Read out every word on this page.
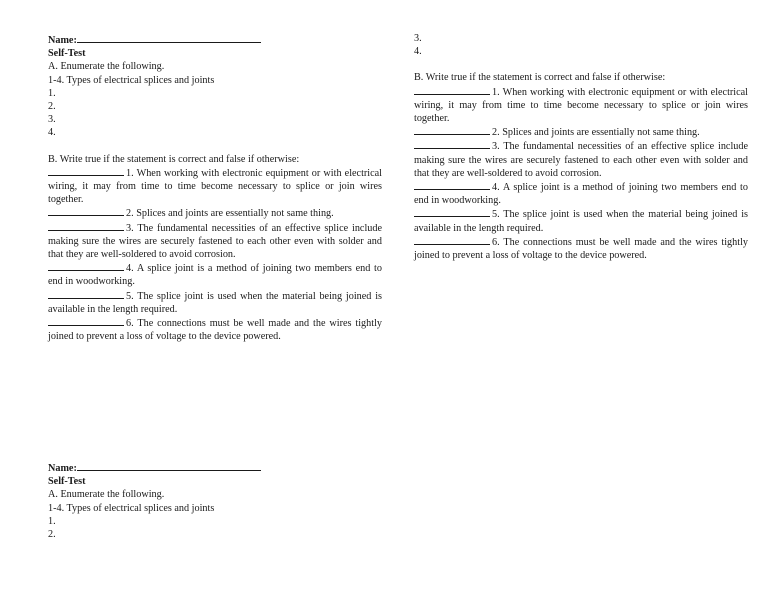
Name:
Self-Test
A. Enumerate the following.
1-4. Types of electrical splices and joints
1.
2.
3.
4.
B. Write true if the statement is correct and false if otherwise:
1. When working with electronic equipment or with electrical wiring, it may from time to time become necessary to splice or join wires together.
2. Splices and joints are essentially not same thing.
3. The fundamental necessities of an effective splice include making sure the wires are securely fastened to each other even with solder and that they are well-soldered to avoid corrosion.
4. A splice joint is a method of joining two members end to end in woodworking.
5. The splice joint is used when the material being joined is available in the length required.
6. The connections must be well made and the wires tightly joined to prevent a loss of voltage to the device powered.
3.
4.
B. Write true if the statement is correct and false if otherwise:
1. When working with electronic equipment or with electrical wiring, it may from time to time become necessary to splice or join wires together.
2. Splices and joints are essentially not same thing.
3. The fundamental necessities of an effective splice include making sure the wires are securely fastened to each other even with solder and that they are well-soldered to avoid corrosion.
4. A splice joint is a method of joining two members end to end in woodworking.
5. The splice joint is used when the material being joined is available in the length required.
6. The connections must be well made and the wires tightly joined to prevent a loss of voltage to the device powered.
Name:
Self-Test
A. Enumerate the following.
1-4. Types of electrical splices and joints
1.
2.
